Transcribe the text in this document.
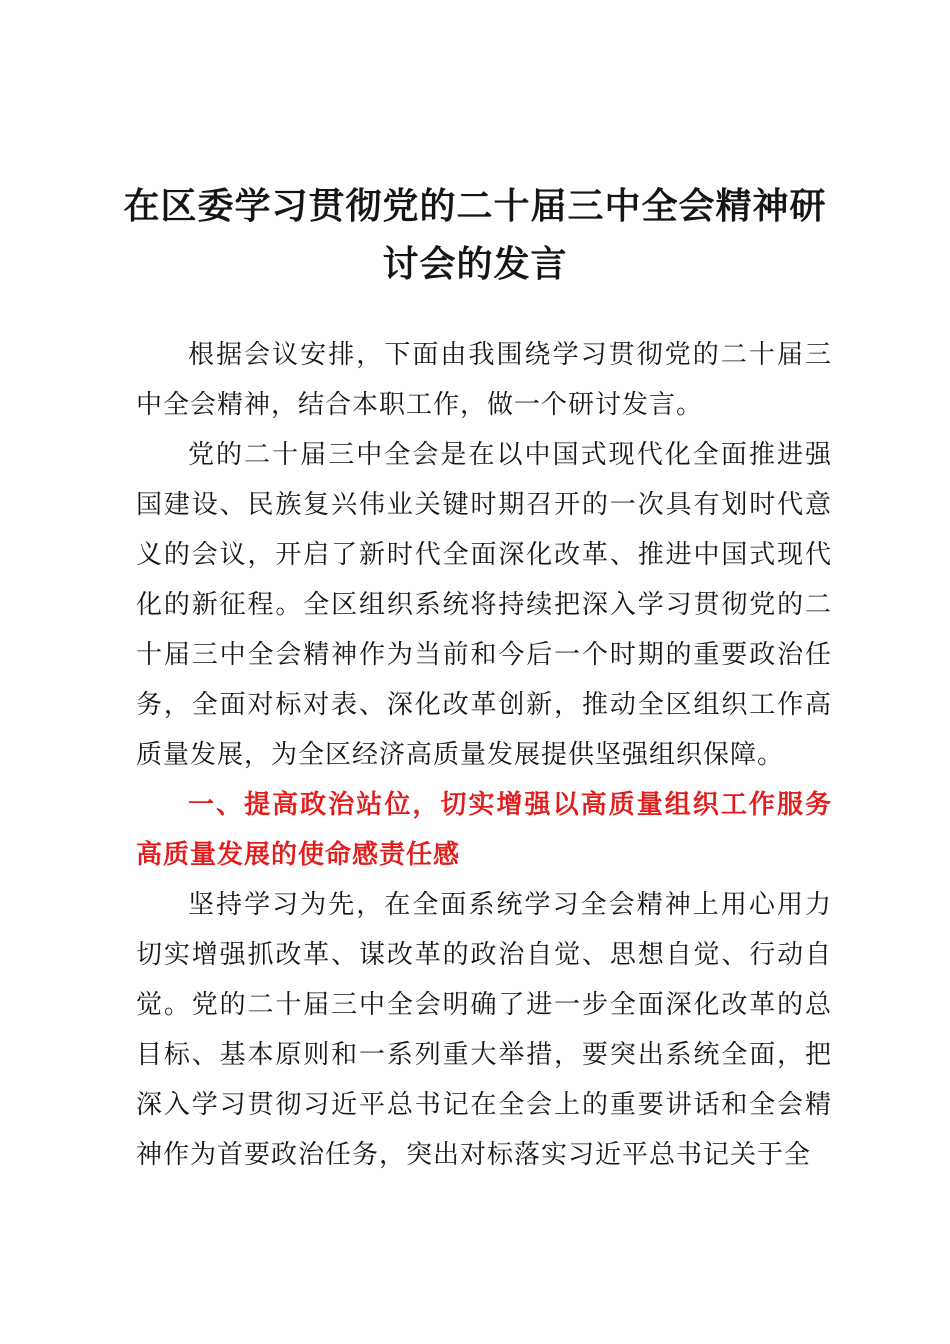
在区委学习贯彻党的二十届三中全会精神研讨会的发言

根据会议安排，下面由我围绕学习贯彻党的二十届三中全会精神，结合本职工作，做一个研讨发言。

党的二十届三中全会是在以中国式现代化全面推进强国建设、民族复兴伟业关键时期召开的一次具有划时代意义的会议，开启了新时代全面深化改革、推进中国式现代化的新征程。全区组织系统将持续把深入学习贯彻党的二十届三中全会精神作为当前和今后一个时期的重要政治任务，全面对标对表、深化改革创新，推动全区组织工作高质量发展，为全区经济高质量发展提供坚强组织保障。

一、提高政治站位，切实增强以高质量组织工作服务高质量发展的使命感责任感

坚持学习为先，在全面系统学习全会精神上用心用力切实增强抓改革、谋改革的政治自觉、思想自觉、行动自觉。党的二十届三中全会明确了进一步全面深化改革的总目标、基本原则和一系列重大举措，要突出系统全面，把深入学习贯彻习近平总书记在全会上的重要讲话和全会精神作为首要政治任务，突出对标落实习近平总书记关于全
